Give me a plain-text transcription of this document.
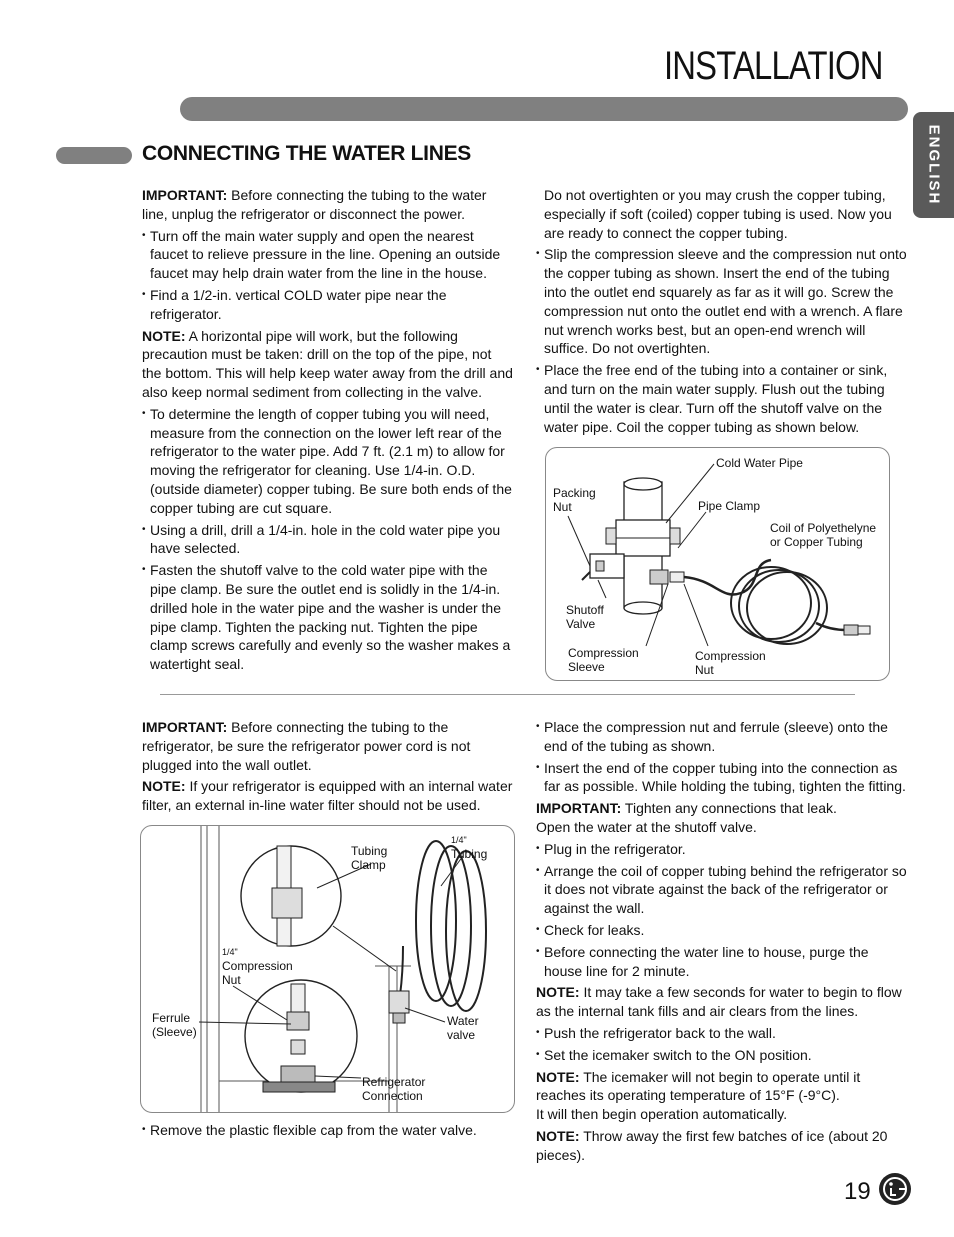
INSTALLATION
ENGLISH
CONNECTING THE WATER LINES

IMPORTANT: Before connecting the tubing to the water line, unplug the refrigerator or disconnect the power.

• Turn off the main water supply and open the nearest faucet to relieve pressure in the line. Opening an outside faucet may help drain water from the line in the house.
• Find a 1/2-in. vertical COLD water pipe near the refrigerator.

NOTE: A horizontal pipe will work, but the following precaution must be taken: drill on the top of the pipe, not the bottom. This will help keep water away from the drill and also keep normal sediment from collecting in the valve.

• To determine the length of copper tubing you will need, measure from the connection on the lower left rear of the refrigerator to the water pipe. Add 7 ft. (2.1 m) to allow for moving the refrigerator for cleaning. Use 1/4-in. O.D. (outside diameter) copper tubing. Be sure both ends of the copper tubing are cut square.
• Using a drill, drill a 1/4-in. hole in the cold water pipe you have selected.
• Fasten the shutoff valve to the cold water pipe with the pipe clamp. Be sure the outlet end is solidly in the 1/4-in. drilled hole in the water pipe and the washer is under the pipe clamp. Tighten the packing nut. Tighten the pipe clamp screws carefully and evenly so the washer makes a watertight seal.

Do not overtighten or you may crush the copper tubing, especially if soft (coiled) copper tubing is used. Now you are ready to connect the copper tubing.

• Slip the compression sleeve and the compression nut onto the copper tubing as shown. Insert the end of the tubing into the outlet end squarely as far as it will go. Screw the compression nut onto the outlet end with a wrench. A flare nut wrench works best, but an open-end wrench will suffice. Do not overtighten.
• Place the free end of the tubing into a container or sink, and turn on the main water supply. Flush out the tubing until the water is clear. Turn off the shutoff valve on the water pipe. Coil the copper tubing as shown below.
Cold Water Pipe
Packing
Nut	Pipe Clamp
Coil of Polyethelyne
or Copper Tubing
Shutoff
Valve
Compression
Sleeve
Compression
Nut

IMPORTANT: Before connecting the tubing to the refrigerator, be sure the refrigerator power cord is not plugged into the wall outlet.

NOTE: If your refrigerator is equipped with an internal water filter, an external in-line water filter should not be used.

Tubing
Clamp
1/4"
Tubing
1/4"
Compression
Nut
Ferrule
(Sleeve)
Water
valve
Refrigerator
Connection
• Remove the plastic flexible cap from the water valve.
• Place the compression nut and ferrule (sleeve) onto the end of the tubing as shown.
• Insert the end of the copper tubing into the connection as far as possible. While holding the tubing, tighten the fitting.

IMPORTANT: Tighten any connections that leak.

Open the water at the shutoff valve.

• Plug in the refrigerator.
• Arrange the coil of copper tubing behind the refrigerator so it does not vibrate against the back of the refrigerator or against the wall.
• Check for leaks.
• Before connecting the water line to house, purge the house line for 2 minute.

NOTE: It may take a few seconds for water to begin to flow as the internal tank fills and air clears from the lines.

• Push the refrigerator back to the wall.
• Set the icemaker switch to the ON position.

NOTE: The icemaker will not begin to operate until it reaches its operating temperature of 15°F (-9°C).

It will then begin operation automatically.

NOTE: Throw away the first few batches of ice (about 20 pieces).

19
